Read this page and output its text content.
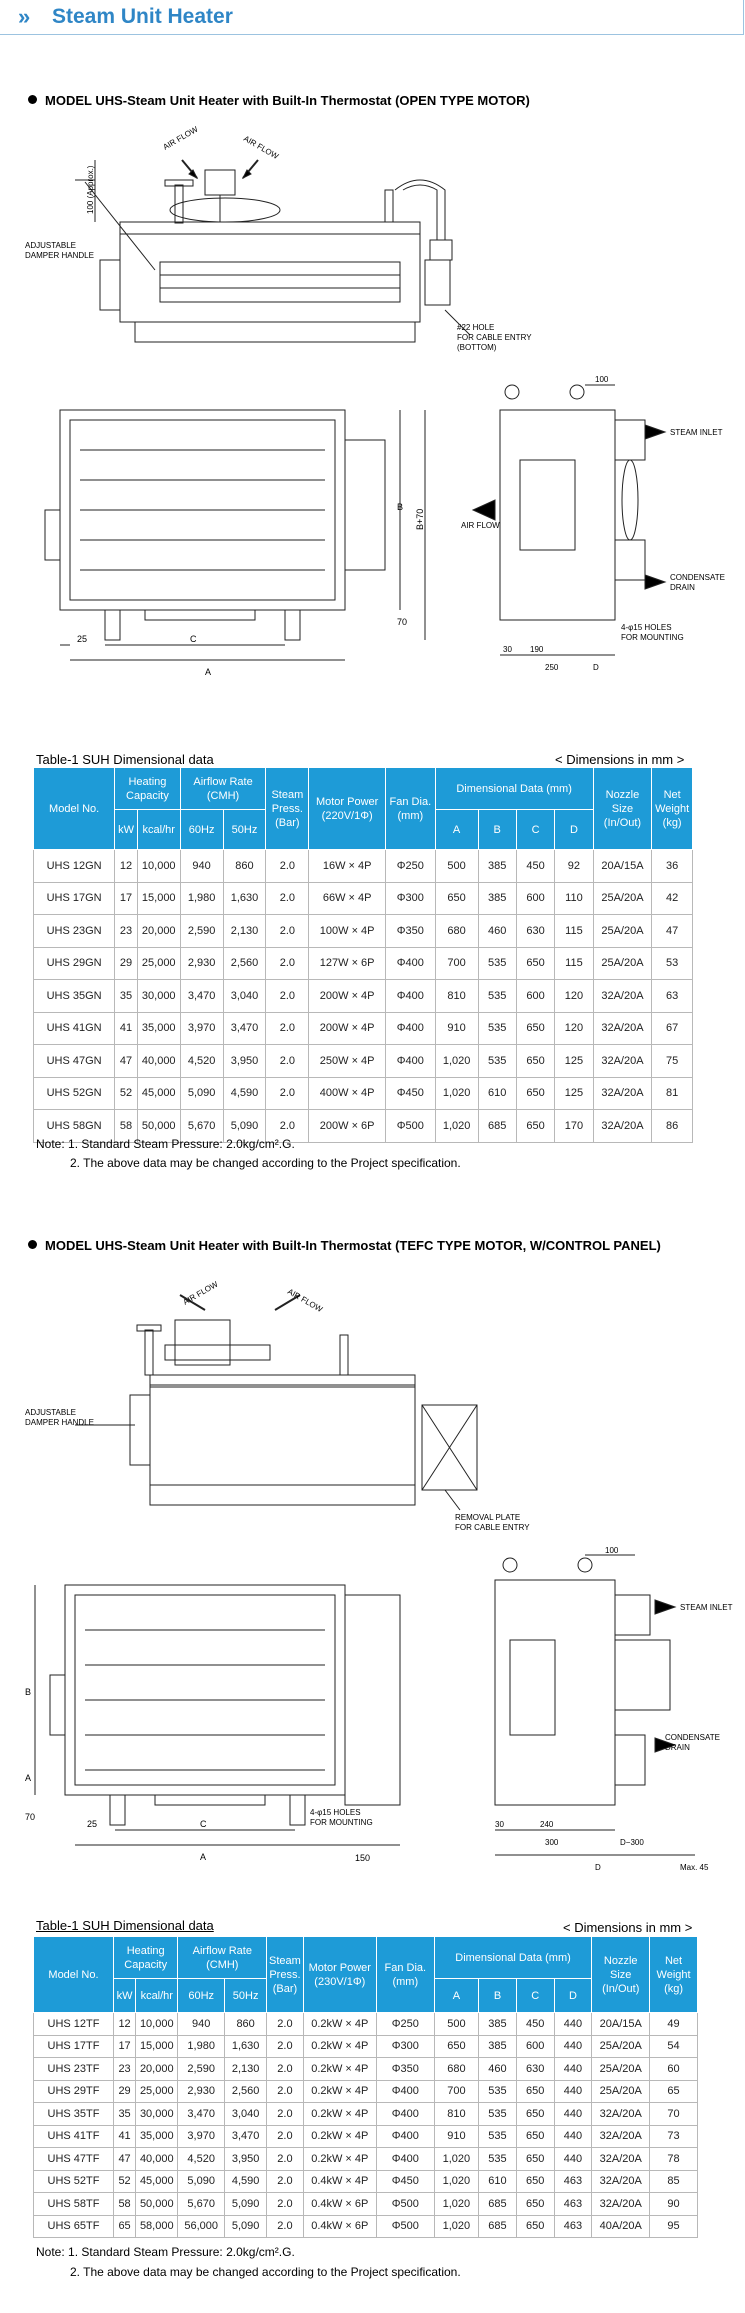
» Steam Unit Heater
MODEL UHS-Steam Unit Heater with Built-In Thermostat (OPEN TYPE MOTOR)
AIR FLOW	AIR FLOW
100 (Approx.)
ADJUSTABLE
DAMPER HANDLE
#22 HOLE
FOR CABLE ENTRY
(BOTTOM)
B
B+70
70
C
A
25
100
AIR FLOW
STEAM INLET
CONDENSATE
DRAIN
4-φ15 HOLES
FOR MOUNTING
30 190
250	D
Table-1 SUH Dimensional data	< Dimensions in mm >
Model No.	Heating Capacity		Airflow Rate (CMH)		Steam Press. (Bar)	Motor Power (220V/1Φ)	Fan Dia. (mm)	Dimensional Data (mm)				Nozzle Size (In/Out)	Net Weight (kg)
	kW	kcal/hr	60Hz	50Hz				A	B	C	D		
UHS 12GN	12	10,000	940	860	2.0	16W × 4P	Φ250	500	385	450	92	20A/15A	36
UHS 17GN	17	15,000	1,980	1,630	2.0	66W × 4P	Φ300	650	385	600	110	25A/20A	42
UHS 23GN	23	20,000	2,590	2,130	2.0	100W × 4P	Φ350	680	460	630	115	25A/20A	47
UHS 29GN	29	25,000	2,930	2,560	2.0	127W × 6P	Φ400	700	535	650	115	25A/20A	53
UHS 35GN	35	30,000	3,470	3,040	2.0	200W × 4P	Φ400	810	535	600	120	32A/20A	63
UHS 41GN	41	35,000	3,970	3,470	2.0	200W × 4P	Φ400	910	535	650	120	32A/20A	67
UHS 47GN	47	40,000	4,520	3,950	2.0	250W × 4P	Φ400	1,020	535	650	125	32A/20A	75
UHS 52GN	52	45,000	5,090	4,590	2.0	400W × 4P	Φ450	1,020	610	650	125	32A/20A	81
UHS 58GN	58	50,000	5,670	5,090	2.0	200W × 6P	Φ500	1,020	685	650	170	32A/20A	86
Note: 1. Standard Steam Pressure: 2.0kg/cm².G.
2. The above data may be changed according to the Project specification.
MODEL UHS-Steam Unit Heater with Built-In Thermostat (TEFC TYPE MOTOR, W/CONTROL PANEL)
AIR FLOW	AIR FLOW
ADJUSTABLE
DAMPER HANDLE
REMOVAL PLATE
FOR CABLE ENTRY
B
A
70
C
A
25
150
4-φ15 HOLES
FOR MOUNTING
100
STEAM INLET
CONDENSATE
DRAIN
30	240
300	D−300
D	Max. 45
Table-1 SUH Dimensional data	< Dimensions in mm >
Model No.	Heating Capacity		Airflow Rate (CMH)		Steam Press. (Bar)	Motor Power (230V/1Φ)	Fan Dia. (mm)	Dimensional Data (mm)				Nozzle Size (In/Out)	Net Weight (kg)
	kW	kcal/hr	60Hz	50Hz				A	B	C	D		
UHS 12TF	12	10,000	940	860	2.0	0.2kW × 4P	Φ250	500	385	450	440	20A/15A	49
UHS 17TF	17	15,000	1,980	1,630	2.0	0.2kW × 4P	Φ300	650	385	600	440	25A/20A	54
UHS 23TF	23	20,000	2,590	2,130	2.0	0.2kW × 4P	Φ350	680	460	630	440	25A/20A	60
UHS 29TF	29	25,000	2,930	2,560	2.0	0.2kW × 4P	Φ400	700	535	650	440	25A/20A	65
UHS 35TF	35	30,000	3,470	3,040	2.0	0.2kW × 4P	Φ400	810	535	650	440	32A/20A	70
UHS 41TF	41	35,000	3,970	3,470	2.0	0.2kW × 4P	Φ400	910	535	650	440	32A/20A	73
UHS 47TF	47	40,000	4,520	3,950	2.0	0.2kW × 4P	Φ400	1,020	535	650	440	32A/20A	78
UHS 52TF	52	45,000	5,090	4,590	2.0	0.4kW × 4P	Φ450	1,020	610	650	463	32A/20A	85
UHS 58TF	58	50,000	5,670	5,090	2.0	0.4kW × 6P	Φ500	1,020	685	650	463	32A/20A	90
UHS 65TF	65	58,000	56,000	5,090	2.0	0.4kW × 6P	Φ500	1,020	685	650	463	40A/20A	95
Note: 1. Standard Steam Pressure: 2.0kg/cm².G.
2. The above data may be changed according to the Project specification.
